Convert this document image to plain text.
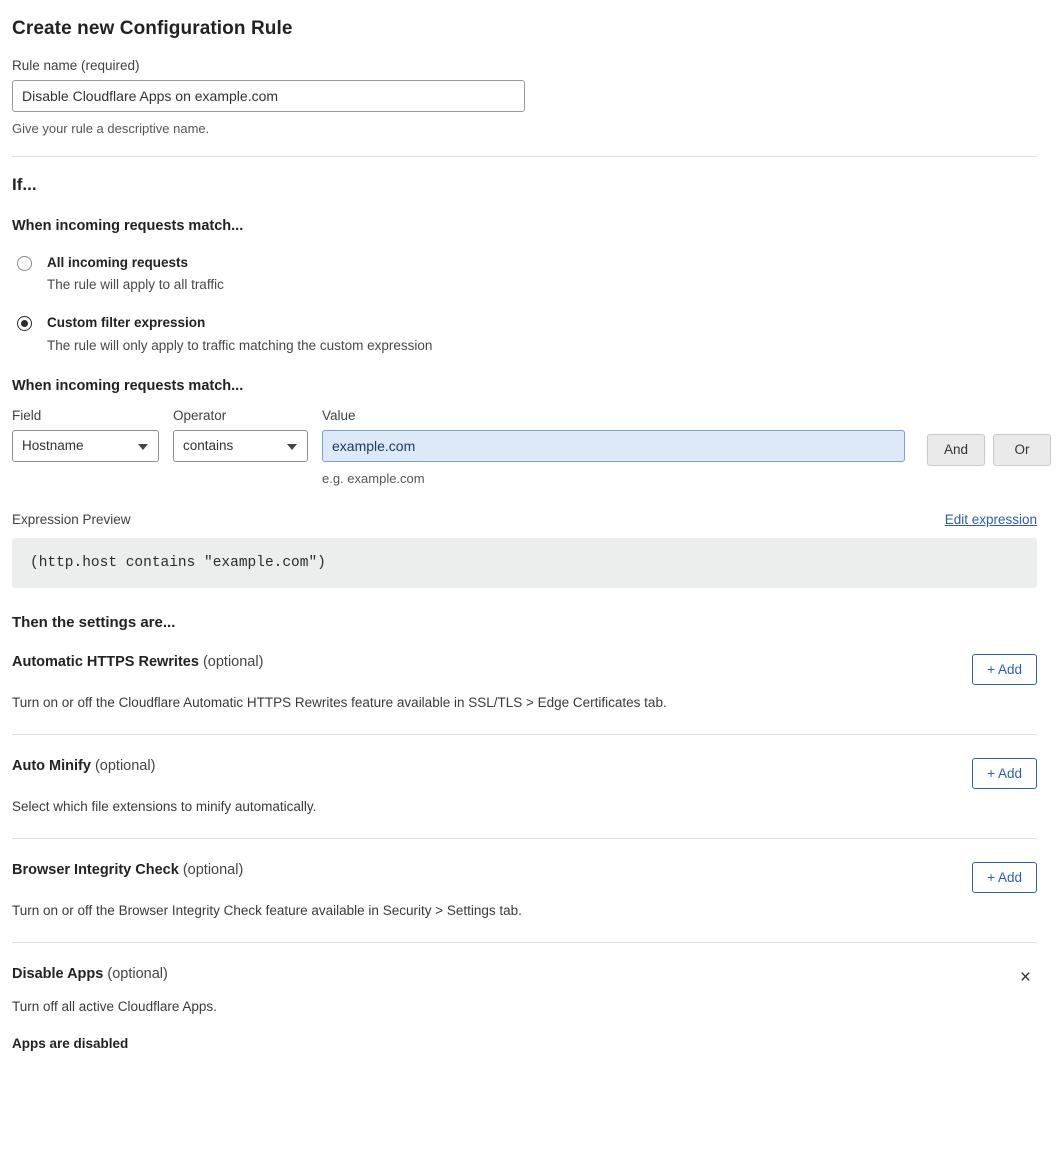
Create new Configuration Rule
Rule name (required)
Disable Cloudflare Apps on example.com
Give your rule a descriptive name.
If...
When incoming requests match...
All incoming requests
The rule will apply to all traffic
Custom filter expression
The rule will only apply to traffic matching the custom expression
When incoming requests match...
Field
Hostname
Operator
contains
Value
example.com
e.g. example.com
And	Or
Expression Preview	Edit expression
(http.host contains "example.com")
Then the settings are...
Automatic HTTPS Rewrites (optional)	+ Add
Turn on or off the Cloudflare Automatic HTTPS Rewrites feature available in SSL/TLS > Edge Certificates tab.
Auto Minify (optional)	+ Add
Select which file extensions to minify automatically.
Browser Integrity Check (optional)	+ Add
Turn on or off the Browser Integrity Check feature available in Security > Settings tab.
Disable Apps (optional)	×
Turn off all active Cloudflare Apps.
Apps are disabled
